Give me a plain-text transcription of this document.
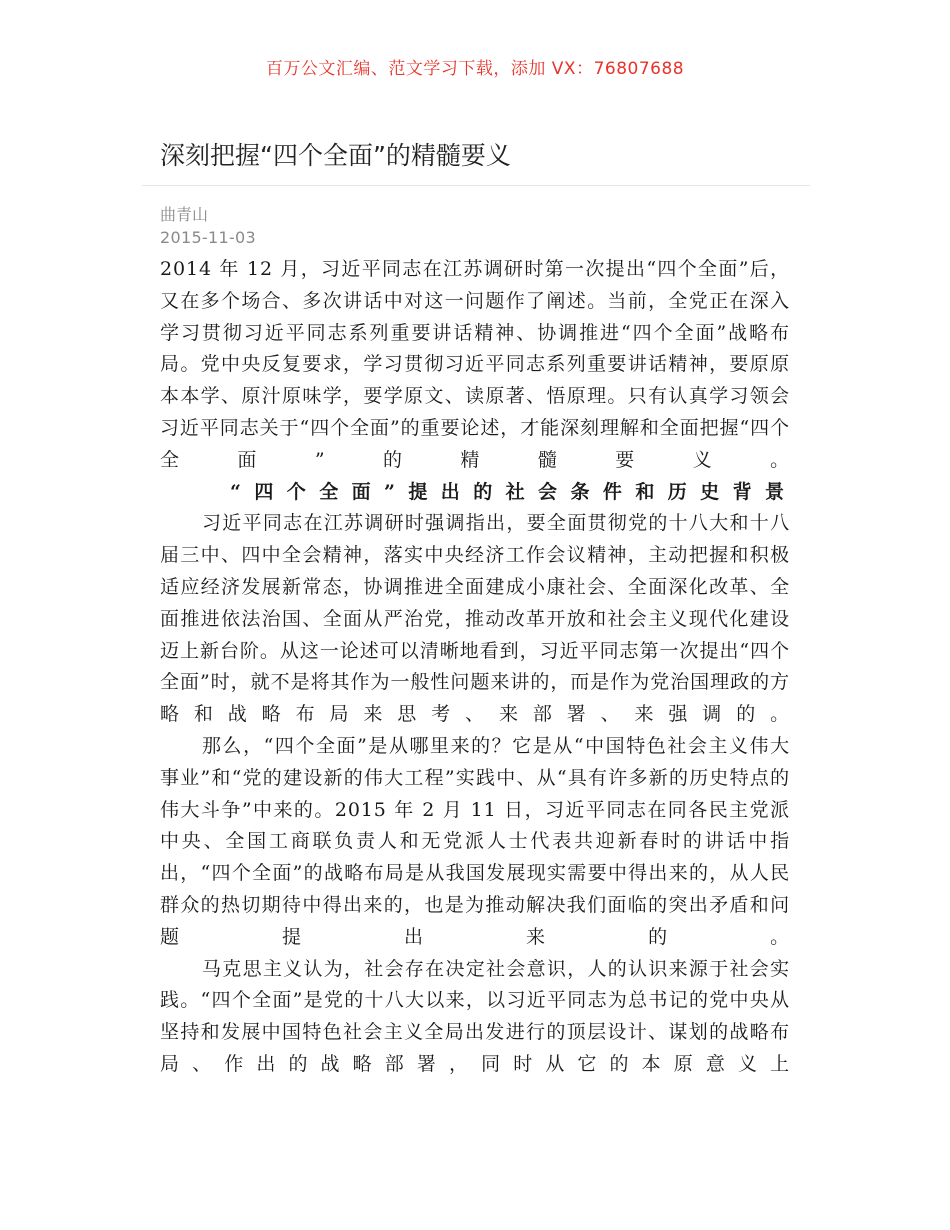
百万公文汇编、范文学习下载，添加 VX：76807688
深刻把握“四个全面”的精髓要义
曲青山
2015-11-03

2014 年 12 月，习近平同志在江苏调研时第一次提出“四个全面”后，又在多个场合、多次讲话中对这一问题作了阐述。当前，全党正在深入学习贯彻习近平同志系列重要讲话精神、协调推进“四个全面”战略布局。党中央反复要求，学习贯彻习近平同志系列重要讲话精神，要原原本本学、原汁原味学，要学原文、读原著、悟原理。只有认真学习领会习近平同志关于“四个全面”的重要论述，才能深刻理解和全面把握“四个全面”的精髓要义。

“四个全面”提出的社会条件和历史背景

习近平同志在江苏调研时强调指出，要全面贯彻党的十八大和十八届三中、四中全会精神，落实中央经济工作会议精神，主动把握和积极适应经济发展新常态，协调推进全面建成小康社会、全面深化改革、全面推进依法治国、全面从严治党，推动改革开放和社会主义现代化建设迈上新台阶。从这一论述可以清晰地看到，习近平同志第一次提出“四个全面”时，就不是将其作为一般性问题来讲的，而是作为党治国理政的方略和战略布局来思考、来部署、来强调的。

那么，“四个全面”是从哪里来的？它是从“中国特色社会主义伟大事业”和“党的建设新的伟大工程”实践中、从“具有许多新的历史特点的伟大斗争”中来的。2015 年 2 月 11 日，习近平同志在同各民主党派中央、全国工商联负责人和无党派人士代表共迎新春时的讲话中指出，“四个全面”的战略布局是从我国发展现实需要中得出来的，从人民群众的热切期待中得出来的，也是为推动解决我们面临的突出矛盾和问题提出来的。

马克思主义认为，社会存在决定社会意识，人的认识来源于社会实践。“四个全面”是党的十八大以来，以习近平同志为总书记的党中央从坚持和发展中国特色社会主义全局出发进行的顶层设计、谋划的战略布局、作出的战略部署，同时从它的本原意义上
